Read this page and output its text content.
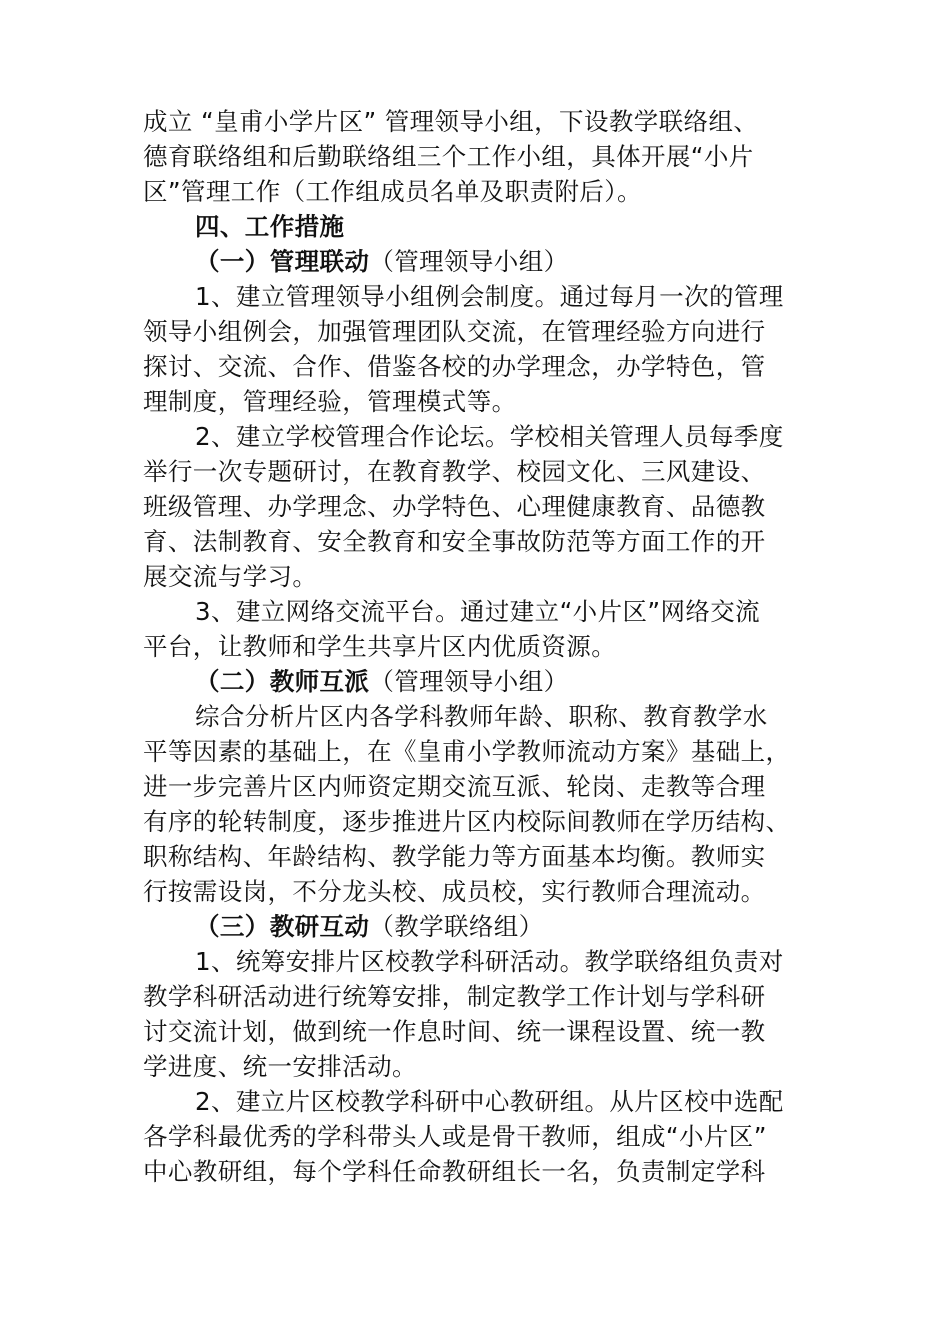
成立 “皇甫小学片区” 管理领导小组，下设教学联络组、
德育联络组和后勤联络组三个工作小组，具体开展“小片
区”管理工作（工作组成员名单及职责附后）。
四、工作措施
（一）管理联动（管理领导小组）
1、建立管理领导小组例会制度。通过每月一次的管理
领导小组例会，加强管理团队交流，在管理经验方向进行
探讨、交流、合作、借鉴各校的办学理念，办学特色，管
理制度，管理经验，管理模式等。
2、建立学校管理合作论坛。学校相关管理人员每季度
举行一次专题研讨，在教育教学、校园文化、三风建设、
班级管理、办学理念、办学特色、心理健康教育、品德教
育、法制教育、安全教育和安全事故防范等方面工作的开
展交流与学习。
3、建立网络交流平台。通过建立“小片区”网络交流
平台，让教师和学生共享片区内优质资源。
（二）教师互派（管理领导小组）
综合分析片区内各学科教师年龄、职称、教育教学水
平等因素的基础上，在《皇甫小学教师流动方案》基础上，
进一步完善片区内师资定期交流互派、轮岗、走教等合理
有序的轮转制度，逐步推进片区内校际间教师在学历结构、
职称结构、年龄结构、教学能力等方面基本均衡。教师实
行按需设岗，不分龙头校、成员校，实行教师合理流动。
（三）教研互动（教学联络组）
1、统筹安排片区校教学科研活动。教学联络组负责对
教学科研活动进行统筹安排，制定教学工作计划与学科研
讨交流计划，做到统一作息时间、统一课程设置、统一教
学进度、统一安排活动。
2、建立片区校教学科研中心教研组。从片区校中选配
各学科最优秀的学科带头人或是骨干教师，组成“小片区”
中心教研组，每个学科任命教研组长一名，负责制定学科
